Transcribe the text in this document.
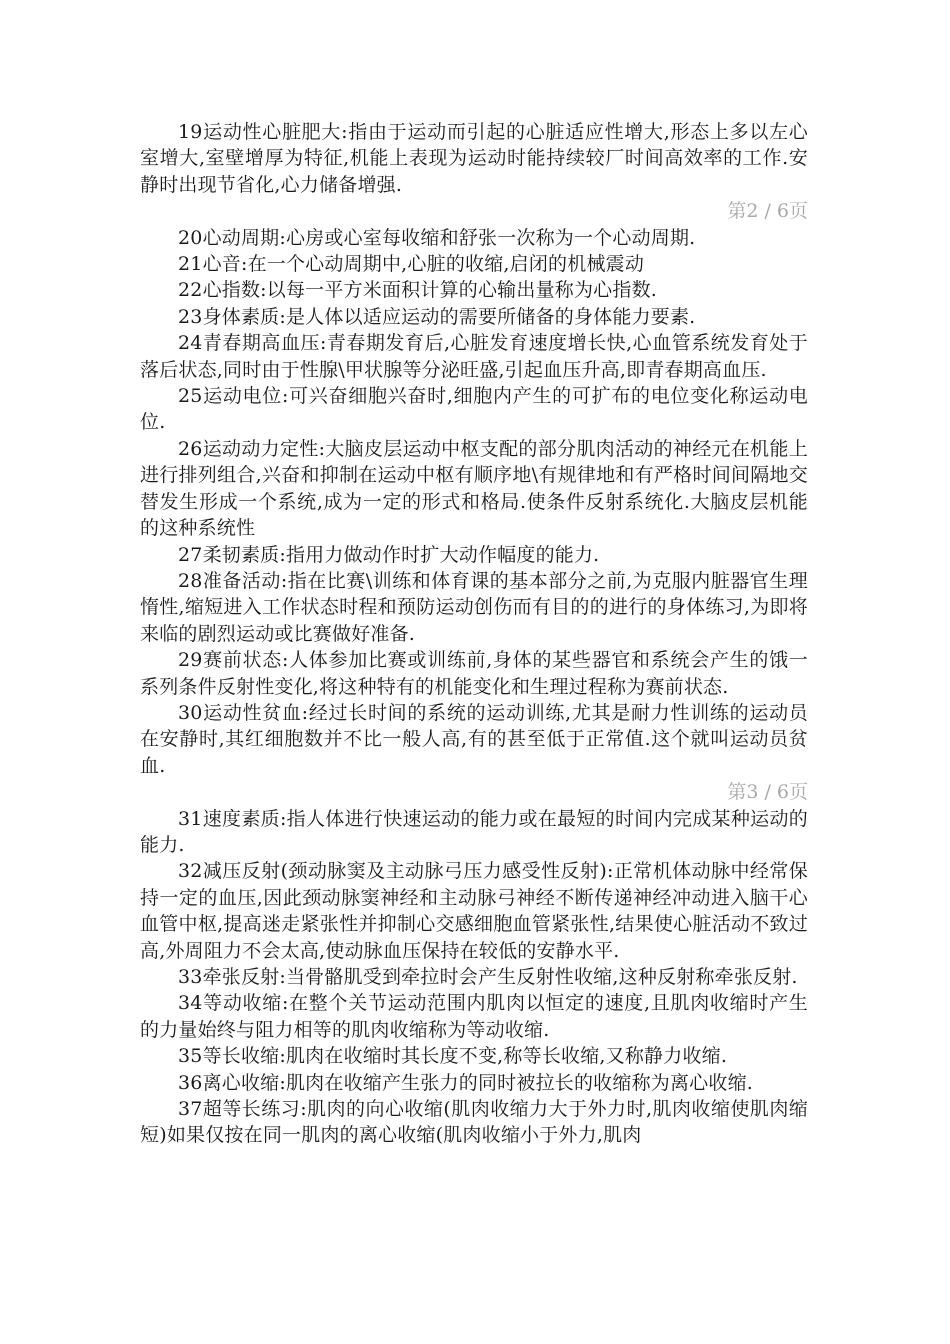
19运动性心脏肥大:指由于运动而引起的心脏适应性增大,形态上多以左心室增大,室壁增厚为特征,机能上表现为运动时能持续较厂时间高效率的工作.安静时出现节省化,心力储备增强.

第2 / 6页

20心动周期:心房或心室每收缩和舒张一次称为一个心动周期.

21心音:在一个心动周期中,心脏的收缩,启闭的机械震动

22心指数:以每一平方米面积计算的心输出量称为心指数.

23身体素质:是人体以适应运动的需要所储备的身体能力要素.

24青春期高血压:青春期发育后,心脏发育速度增长快,心血管系统发育处于落后状态,同时由于性腺\甲状腺等分泌旺盛,引起血压升高,即青春期高血压.

25运动电位:可兴奋细胞兴奋时,细胞内产生的可扩布的电位变化称运动电位.

26运动动力定性:大脑皮层运动中枢支配的部分肌肉活动的神经元在机能上进行排列组合,兴奋和抑制在运动中枢有顺序地\有规律地和有严格时间间隔地交替发生形成一个系统,成为一定的形式和格局.使条件反射系统化.大脑皮层机能的这种系统性

27柔韧素质:指用力做动作时扩大动作幅度的能力.

28准备活动:指在比赛\训练和体育课的基本部分之前,为克服内脏器官生理惰性,缩短进入工作状态时程和预防运动创伤而有目的的进行的身体练习,为即将来临的剧烈运动或比赛做好准备.

29赛前状态:人体参加比赛或训练前,身体的某些器官和系统会产生的饿一系列条件反射性变化,将这种特有的机能变化和生理过程称为赛前状态.

30运动性贫血:经过长时间的系统的运动训练,尤其是耐力性训练的运动员在安静时,其红细胞数并不比一般人高,有的甚至低于正常值.这个就叫运动员贫血.

第3 / 6页

31速度素质:指人体进行快速运动的能力或在最短的时间内完成某种运动的能力.

32减压反射(颈动脉窦及主动脉弓压力感受性反射):正常机体动脉中经常保持一定的血压,因此颈动脉窦神经和主动脉弓神经不断传递神经冲动进入脑干心血管中枢,提高迷走紧张性并抑制心交感细胞血管紧张性,结果使心脏活动不致过高,外周阻力不会太高,使动脉血压保持在较低的安静水平.

33牵张反射:当骨骼肌受到牵拉时会产生反射性收缩,这种反射称牵张反射.

34等动收缩:在整个关节运动范围内肌肉以恒定的速度,且肌肉收缩时产生的力量始终与阻力相等的肌肉收缩称为等动收缩.

35等长收缩:肌肉在收缩时其长度不变,称等长收缩,又称静力收缩.

36离心收缩:肌肉在收缩产生张力的同时被拉长的收缩称为离心收缩.

37超等长练习:肌肉的向心收缩(肌肉收缩力大于外力时,肌肉收缩使肌肉缩短)如果仅按在同一肌肉的离心收缩(肌肉收缩小于外力,肌肉
